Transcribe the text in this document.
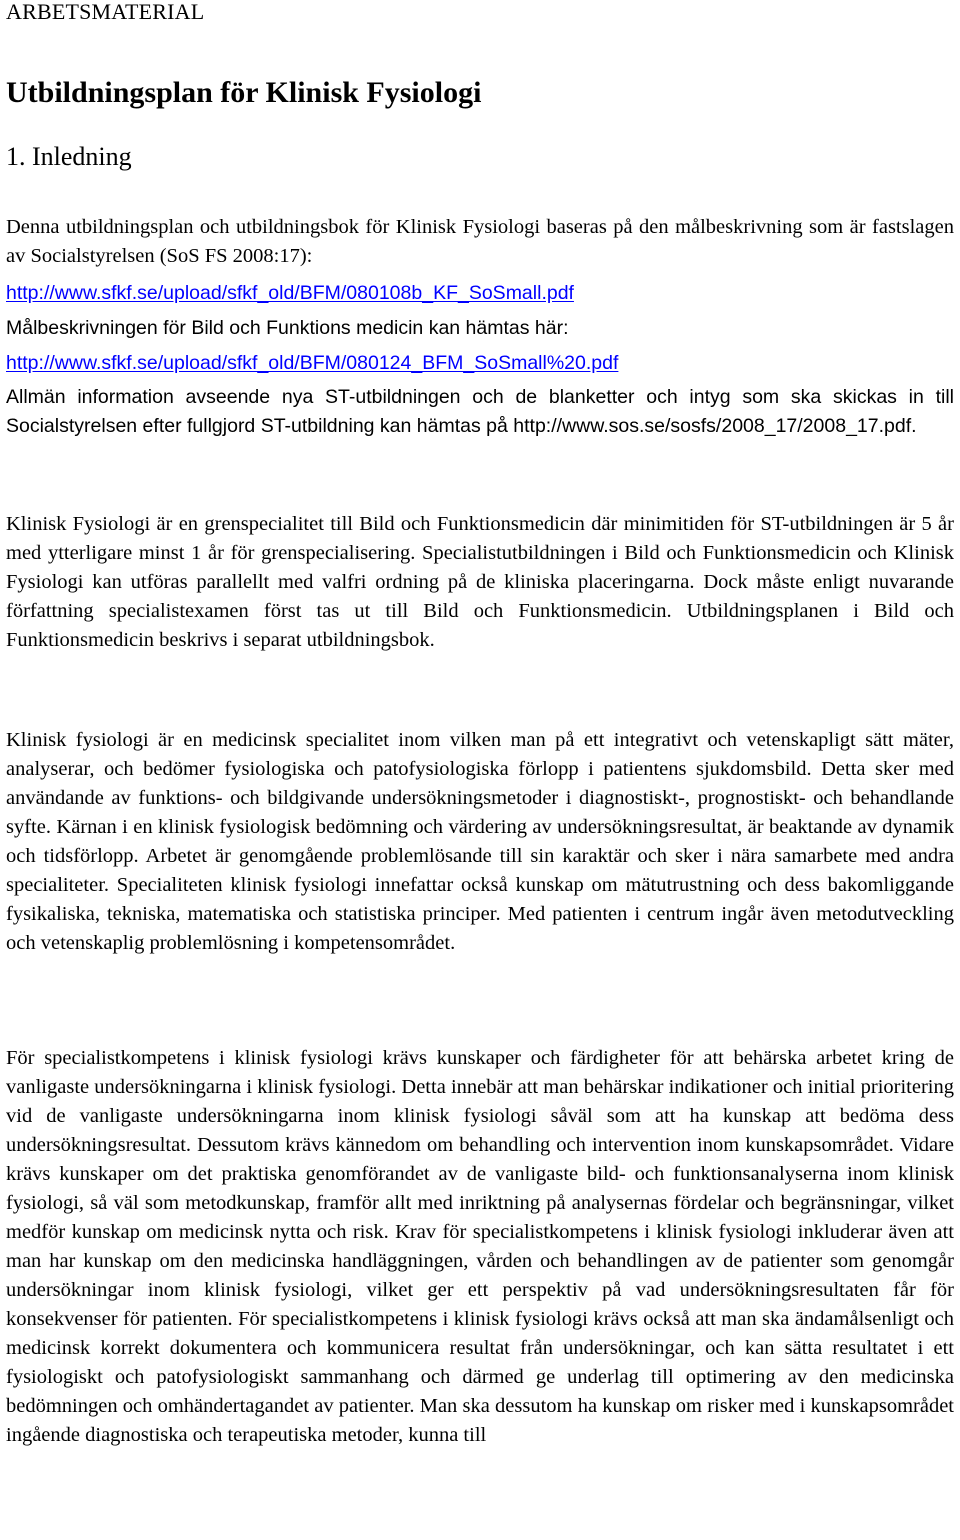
ARBETSMATERIAL
Utbildningsplan för Klinisk Fysiologi
1. Inledning

Denna utbildningsplan och utbildningsbok för Klinisk Fysiologi baseras på den målbeskrivning som är fastslagen av Socialstyrelsen (SoS FS 2008:17):

http://www.sfkf.se/upload/sfkf_old/BFM/080108b_KF_SoSmall.pdf

Målbeskrivningen för Bild och Funktions medicin kan hämtas här:

http://www.sfkf.se/upload/sfkf_old/BFM/080124_BFM_SoSmall%20.pdf

Allmän information avseende nya ST-utbildningen och de blanketter och intyg som ska skickas in till Socialstyrelsen efter fullgjord ST-utbildning kan hämtas på http://www.sos.se/sosfs/2008_17/2008_17.pdf.

Klinisk Fysiologi är en grenspecialitet till Bild och Funktionsmedicin där minimitiden för ST-utbildningen är 5 år med ytterligare minst 1 år för grenspecialisering. Specialistutbildningen i Bild och Funktionsmedicin och Klinisk Fysiologi kan utföras parallellt med valfri ordning på de kliniska placeringarna. Dock måste enligt nuvarande författning specialistexamen först tas ut till Bild och Funktionsmedicin. Utbildningsplanen i Bild och Funktionsmedicin beskrivs i separat utbildningsbok.

Klinisk fysiologi är en medicinsk specialitet inom vilken man på ett integrativt och vetenskapligt sätt mäter, analyserar, och bedömer fysiologiska och patofysiologiska förlopp i patientens sjukdomsbild. Detta sker med användande av funktions- och bildgivande undersökningsmetoder i diagnostiskt-, prognostiskt- och behandlande syfte. Kärnan i en klinisk fysiologisk bedömning och värdering av undersökningsresultat, är beaktande av dynamik och tidsförlopp. Arbetet är genomgående problemlösande till sin karaktär och sker i nära samarbete med andra specialiteter. Specialiteten klinisk fysiologi innefattar också kunskap om mätutrustning och dess bakomliggande fysikaliska, tekniska, matematiska och statistiska principer. Med patienten i centrum ingår även metodutveckling och vetenskaplig problemlösning i kompetensområdet.

För specialistkompetens i klinisk fysiologi krävs kunskaper och färdigheter för att behärska arbetet kring de vanligaste undersökningarna i klinisk fysiologi. Detta innebär att man behärskar indikationer och initial prioritering vid de vanligaste undersökningarna inom klinisk fysiologi såväl som att ha kunskap att bedöma dess undersökningsresultat. Dessutom krävs kännedom om behandling och intervention inom kunskapsområdet. Vidare krävs kunskaper om det praktiska genomförandet av de vanligaste bild- och funktionsanalyserna inom klinisk fysiologi, så väl som metodkunskap, framför allt med inriktning på analysernas fördelar och begränsningar, vilket medför kunskap om medicinsk nytta och risk. Krav för specialistkompetens i klinisk fysiologi inkluderar även att man har kunskap om den medicinska handläggningen, vården och behandlingen av de patienter som genomgår undersökningar inom klinisk fysiologi, vilket ger ett perspektiv på vad undersökningsresultaten får för konsekvenser för patienten. För specialistkompetens i klinisk fysiologi krävs också att man ska ändamålsenligt och medicinsk korrekt dokumentera och kommunicera resultat från undersökningar, och kan sätta resultatet i ett fysiologiskt och patofysiologiskt sammanhang och därmed ge underlag till optimering av den medicinska bedömningen och omhändertagandet av patienter. Man ska dessutom ha kunskap om risker med i kunskapsområdet ingående diagnostiska och terapeutiska metoder, kunna till
